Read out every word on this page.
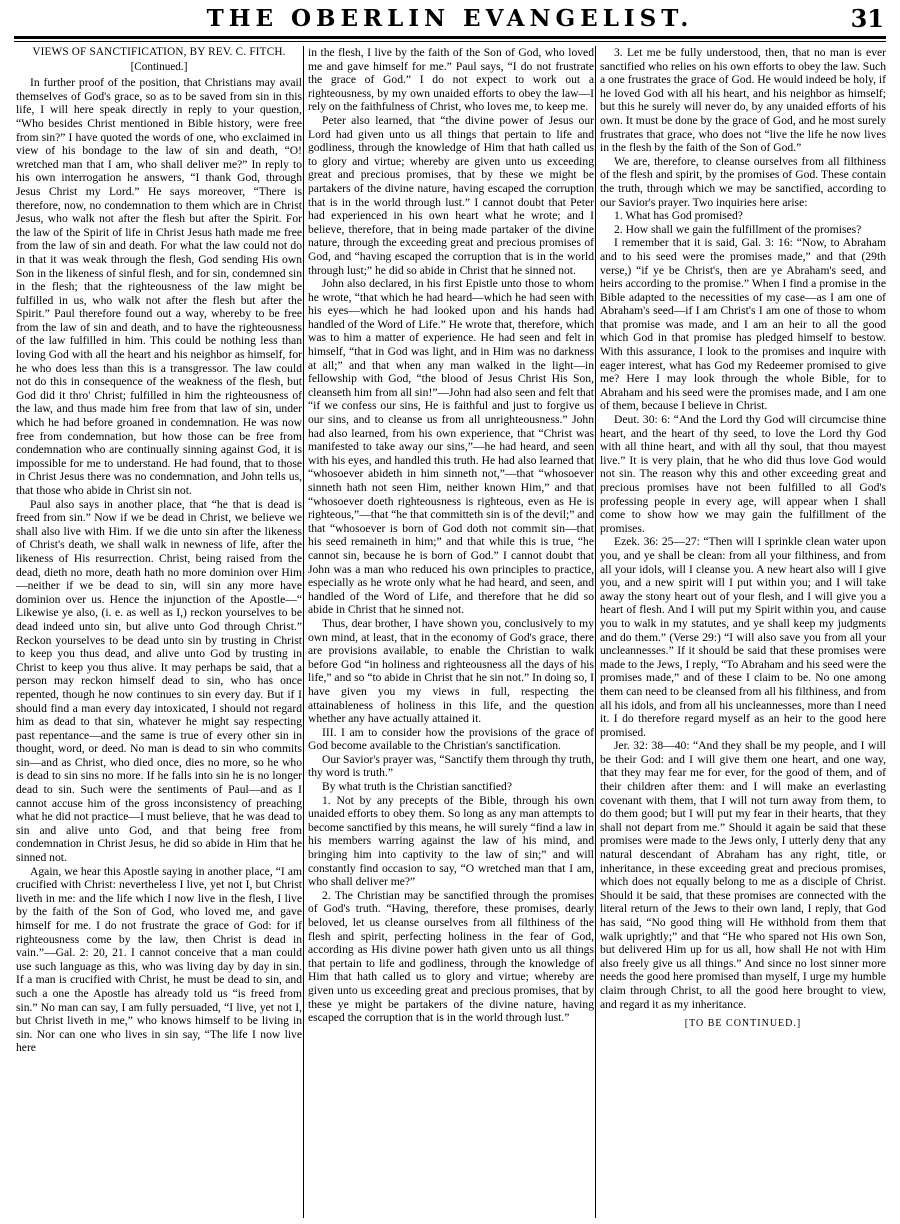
THE OBERLIN EVANGELIST.	31
VIEWS OF SANCTIFICATION, BY REV. C. FITCH.
[Continued.]

In further proof of the position, that Christians may avail themselves of God's grace, so as to be saved from sin in this life, I will here speak directly in reply to your question, “Who besides Christ mentioned in Bible history, were free from sin?” I have quoted the words of one, who exclaimed in view of his bondage to the law of sin and death, “O! wretched man that I am, who shall deliver me?” In reply to his own interrogation he answers, “I thank God, through Jesus Christ my Lord.” He says moreover, “There is therefore, now, no condemnation to them which are in Christ Jesus, who walk not after the flesh but after the Spirit. For the law of the Spirit of life in Christ Jesus hath made me free from the law of sin and death. For what the law could not do in that it was weak through the flesh, God sending His own Son in the likeness of sinful flesh, and for sin, condemned sin in the flesh; that the righteousness of the law might be fulfilled in us, who walk not after the flesh but after the Spirit.” Paul therefore found out a way, whereby to be free from the law of sin and death, and to have the righteousness of the law fulfilled in him. This could be nothing less than loving God with all the heart and his neighbor as himself, for he who does less than this is a transgressor. The law could not do this in consequence of the weakness of the flesh, but God did it thro' Christ; fulfilled in him the righteousness of the law, and thus made him free from that law of sin, under which he had before groaned in condemnation. He was now free from condemnation, but how those can be free from condemnation who are continually sinning against God, it is impossible for me to understand. He had found, that to those in Christ Jesus there was no condemnation, and John tells us, that those who abide in Christ sin not.

Paul also says in another place, that “he that is dead is freed from sin.” Now if we be dead in Christ, we believe we shall also live with Him. If we die unto sin after the likeness of Christ's death, we shall walk in newness of life, after the likeness of His resurrection. Christ, being raised from the dead, dieth no more, death hath no more dominion over Him—neither if we be dead to sin, will sin any more have dominion over us. Hence the injunction of the Apostle—“ Likewise ye also, (i. e. as well as I,) reckon yourselves to be dead indeed unto sin, but alive unto God through Christ.” Reckon yourselves to be dead unto sin by trusting in Christ to keep you thus dead, and alive unto God by trusting in Christ to keep you thus alive. It may perhaps be said, that a person may reckon himself dead to sin, who has once repented, though he now continues to sin every day. But if I should find a man every day intoxicated, I should not regard him as dead to that sin, whatever he might say respecting past repentance—and the same is true of every other sin in thought, word, or deed. No man is dead to sin who commits sin—and as Christ, who died once, dies no more, so he who is dead to sin sins no more. If he falls into sin he is no longer dead to sin. Such were the sentiments of Paul—and as I cannot accuse him of the gross inconsistency of preaching what he did not practice—I must believe, that he was dead to sin and alive unto God, and that being free from condemnation in Christ Jesus, he did so abide in Him that he sinned not.

Again, we hear this Apostle saying in another place, “I am crucified with Christ: nevertheless I live, yet not I, but Christ liveth in me: and the life which I now live in the flesh, I live by the faith of the Son of God, who loved me, and gave himself for me. I do not frustrate the grace of God: for if righteousness come by the law, then Christ is dead in vain.”—Gal. 2: 20, 21. I cannot conceive that a man could use such language as this, who was living day by day in sin. If a man is crucified with Christ, he must be dead to sin, and such a one the Apostle has already told us “is freed from sin.” No man can say, I am fully persuaded, “I live, yet not I, but Christ liveth in me,” who knows himself to be living in sin. Nor can one who lives in sin say, “The life I now live here

in the flesh, I live by the faith of the Son of God, who loved me and gave himself for me.” Paul says, “I do not frustrate the grace of God.” I do not expect to work out a righteousness, by my own unaided efforts to obey the law—I rely on the faithfulness of Christ, who loves me, to keep me.

Peter also learned, that “the divine power of Jesus our Lord had given unto us all things that pertain to life and godliness, through the knowledge of Him that hath called us to glory and virtue; whereby are given unto us exceeding great and precious promises, that by these we might be partakers of the divine nature, having escaped the corruption that is in the world through lust.” I cannot doubt that Peter had experienced in his own heart what he wrote; and I believe, therefore, that in being made partaker of the divine nature, through the exceeding great and precious promises of God, and “having escaped the corruption that is in the world through lust;” he did so abide in Christ that he sinned not.

John also declared, in his first Epistle unto those to whom he wrote, “that which he had heard—which he had seen with his eyes—which he had looked upon and his hands had handled of the Word of Life.” He wrote that, therefore, which was to him a matter of experience. He had seen and felt in himself, “that in God was light, and in Him was no darkness at all;” and that when any man walked in the light—in fellowship with God, “the blood of Jesus Christ His Son, cleanseth him from all sin!”—John had also seen and felt that “if we confess our sins, He is faithful and just to forgive us our sins, and to cleanse us from all unrighteousness.” John had also learned, from his own experience, that “Christ was manifested to take away our sins,”—he had heard, and seen with his eyes, and handled this truth. He had also learned that “whosoever abideth in him sinneth not,”—that “whosoever sinneth hath not seen Him, neither known Him,” and that “whosoever doeth righteousness is righteous, even as He is righteous,”—that “he that committeth sin is of the devil;” and that “whosoever is born of God doth not commit sin—that his seed remaineth in him;” and that while this is true, “he cannot sin, because he is born of God.” I cannot doubt that John was a man who reduced his own principles to practice, especially as he wrote only what he had heard, and seen, and handled of the Word of Life, and therefore that he did so abide in Christ that he sinned not.

Thus, dear brother, I have shown you, conclusively to my own mind, at least, that in the economy of God's grace, there are provisions available, to enable the Christian to walk before God “in holiness and righteousness all the days of his life,” and so “to abide in Christ that he sin not.” In doing so, I have given you my views in full, respecting the attainableness of holiness in this life, and the question whether any have actually attained it.

III. I am to consider how the provisions of the grace of God become available to the Christian's sanctification.

Our Savior's prayer was, “Sanctify them through thy truth, thy word is truth.”

By what truth is the Christian sanctified?

1. Not by any precepts of the Bible, through his own unaided efforts to obey them. So long as any man attempts to become sanctified by this means, he will surely “find a law in his members warring against the law of his mind, and bringing him into captivity to the law of sin;” and will constantly find occasion to say, “O wretched man that I am, who shall deliver me?”

2. The Christian may be sanctified through the promises of God's truth. “Having, therefore, these promises, dearly beloved, let us cleanse ourselves from all filthiness of the flesh and spirit, perfecting holiness in the fear of God, according as His divine power hath given unto us all things that pertain to life and godliness, through the knowledge of Him that hath called us to glory and virtue; whereby are given unto us exceeding great and precious promises, that by these ye might be partakers of the divine nature, having escaped the corruption that is in the world through lust.”

3. Let me be fully understood, then, that no man is ever sanctified who relies on his own efforts to obey the law. Such a one frustrates the grace of God. He would indeed be holy, if he loved God with all his heart, and his neighbor as himself; but this he surely will never do, by any unaided efforts of his own. It must be done by the grace of God, and he most surely frustrates that grace, who does not “live the life he now lives in the flesh by the faith of the Son of God.”

We are, therefore, to cleanse ourselves from all filthiness of the flesh and spirit, by the promises of God. These contain the truth, through which we may be sanctified, according to our Savior's prayer. Two inquiries here arise:

1. What has God promised?

2. How shall we gain the fulfillment of the promises?

I remember that it is said, Gal. 3: 16: “Now, to Abraham and to his seed were the promises made,” and that (29th verse,) “if ye be Christ's, then are ye Abraham's seed, and heirs according to the promise.” When I find a promise in the Bible adapted to the necessities of my case—as I am one of Abraham's seed—if I am Christ's I am one of those to whom that promise was made, and I am an heir to all the good which God in that promise has pledged himself to bestow. With this assurance, I look to the promises and inquire with eager interest, what has God my Redeemer promised to give me? Here I may look through the whole Bible, for to Abraham and his seed were the promises made, and I am one of them, because I believe in Christ.

Deut. 30: 6: “And the Lord thy God will circumcise thine heart, and the heart of thy seed, to love the Lord thy God with all thine heart, and with all thy soul, that thou mayest live.” It is very plain, that he who did thus love God would not sin. The reason why this and other exceeding great and precious promises have not been fulfilled to all God's professing people in every age, will appear when I shall come to show how we may gain the fulfillment of the promises.

Ezek. 36: 25—27: “Then will I sprinkle clean water upon you, and ye shall be clean: from all your filthiness, and from all your idols, will I cleanse you. A new heart also will I give you, and a new spirit will I put within you; and I will take away the stony heart out of your flesh, and I will give you a heart of flesh. And I will put my Spirit within you, and cause you to walk in my statutes, and ye shall keep my judgments and do them.” (Verse 29:) “I will also save you from all your uncleannesses.” If it should be said that these promises were made to the Jews, I reply, “To Abraham and his seed were the promises made,” and of these I claim to be. No one among them can need to be cleansed from all his filthiness, and from all his idols, and from all his uncleannesses, more than I need it. I do therefore regard myself as an heir to the good here promised.

Jer. 32: 38—40: “And they shall be my people, and I will be their God: and I will give them one heart, and one way, that they may fear me for ever, for the good of them, and of their children after them: and I will make an everlasting covenant with them, that I will not turn away from them, to do them good; but I will put my fear in their hearts, that they shall not depart from me.” Should it again be said that these promises were made to the Jews only, I utterly deny that any natural descendant of Abraham has any right, title, or inheritance, in these exceeding great and precious promises, which does not equally belong to me as a disciple of Christ. Should it be said, that these promises are connected with the literal return of the Jews to their own land, I reply, that God has said, “No good thing will He withhold from them that walk uprightly;” and that “He who spared not His own Son, but delivered Him up for us all, how shall He not with Him also freely give us all things.” And since no lost sinner more needs the good here promised than myself, I urge my humble claim through Christ, to all the good here brought to view, and regard it as my inheritance.

[TO BE CONTINUED.]
